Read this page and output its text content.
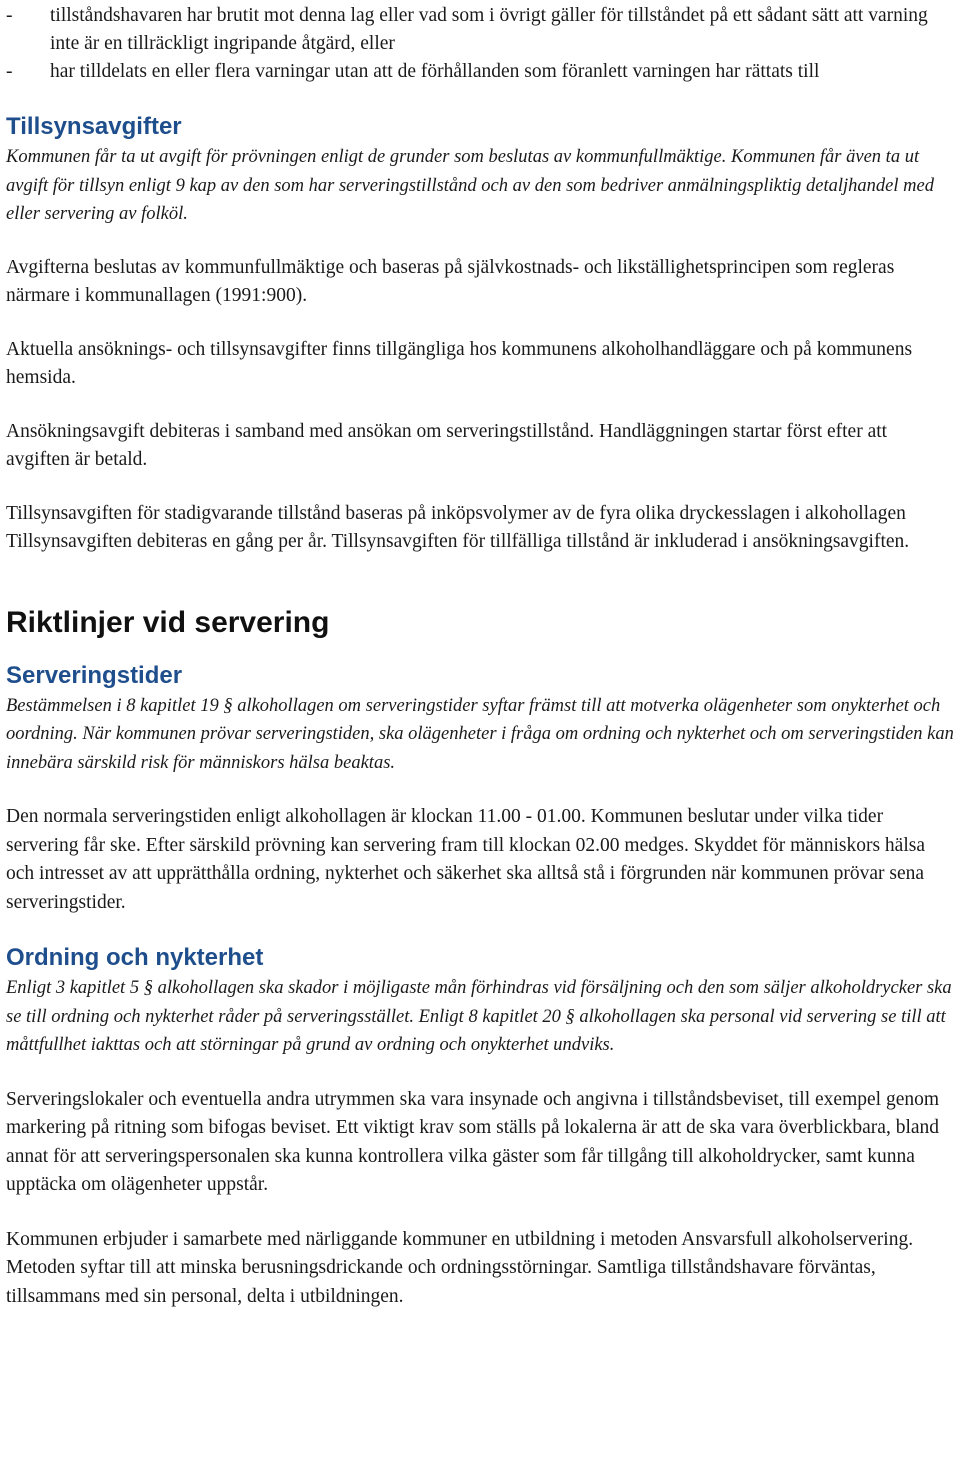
- tillståndshavaren har brutit mot denna lag eller vad som i övrigt gäller för tillståndet på ett sådant sätt att varning inte är en tillräckligt ingripande åtgärd, eller
- har tilldelats en eller flera varningar utan att de förhållanden som föranlett varningen har rättats till
Tillsynsavgifter

Kommunen får ta ut avgift för prövningen enligt de grunder som beslutas av kommunfullmäktige. Kommunen får även ta ut avgift för tillsyn enligt 9 kap av den som har serveringstillstånd och av den som bedriver anmälningspliktig detaljhandel med eller servering av folköl.

Avgifterna beslutas av kommunfullmäktige och baseras på självkostnads- och likställighetsprincipen som regleras närmare i kommunallagen (1991:900).

Aktuella ansöknings- och tillsynsavgifter finns tillgängliga hos kommunens alkoholhandläggare och på kommunens hemsida.

Ansökningsavgift debiteras i samband med ansökan om serveringstillstånd. Handläggningen startar först efter att avgiften är betald.

Tillsynsavgiften för stadigvarande tillstånd baseras på inköpsvolymer av de fyra olika dryckesslagen i alkohollagen Tillsynsavgiften debiteras en gång per år. Tillsynsavgiften för tillfälliga tillstånd är inkluderad i ansökningsavgiften.

Riktlinjer vid servering
Serveringstider

Bestämmelsen i 8 kapitlet 19 § alkohollagen om serveringstider syftar främst till att motverka olägenheter som onykterhet och oordning. När kommunen prövar serveringstiden, ska olägenheter i fråga om ordning och nykterhet och om serveringstiden kan innebära särskild risk för människors hälsa beaktas.

Den normala serveringstiden enligt alkohollagen är klockan 11.00 - 01.00. Kommunen beslutar under vilka tider servering får ske. Efter särskild prövning kan servering fram till klockan 02.00 medges. Skyddet för människors hälsa och intresset av att upprätthålla ordning, nykterhet och säkerhet ska alltså stå i förgrunden när kommunen prövar sena serveringstider.

Ordning och nykterhet

Enligt 3 kapitlet 5 § alkohollagen ska skador i möjligaste mån förhindras vid försäljning och den som säljer alkoholdrycker ska se till ordning och nykterhet råder på serveringsstället. Enligt 8 kapitlet 20 § alkohollagen ska personal vid servering se till att måttfullhet iakttas och att störningar på grund av ordning och onykterhet undviks.

Serveringslokaler och eventuella andra utrymmen ska vara insynade och angivna i tillståndsbeviset, till exempel genom markering på ritning som bifogas beviset. Ett viktigt krav som ställs på lokalerna är att de ska vara överblickbara, bland annat för att serveringspersonalen ska kunna kontrollera vilka gäster som får tillgång till alkoholdrycker, samt kunna upptäcka om olägenheter uppstår.

Kommunen erbjuder i samarbete med närliggande kommuner en utbildning i metoden Ansvarsfull alkoholservering. Metoden syftar till att minska berusningsdrickande och ordningsstörningar. Samtliga tillståndshavare förväntas, tillsammans med sin personal, delta i utbildningen.
